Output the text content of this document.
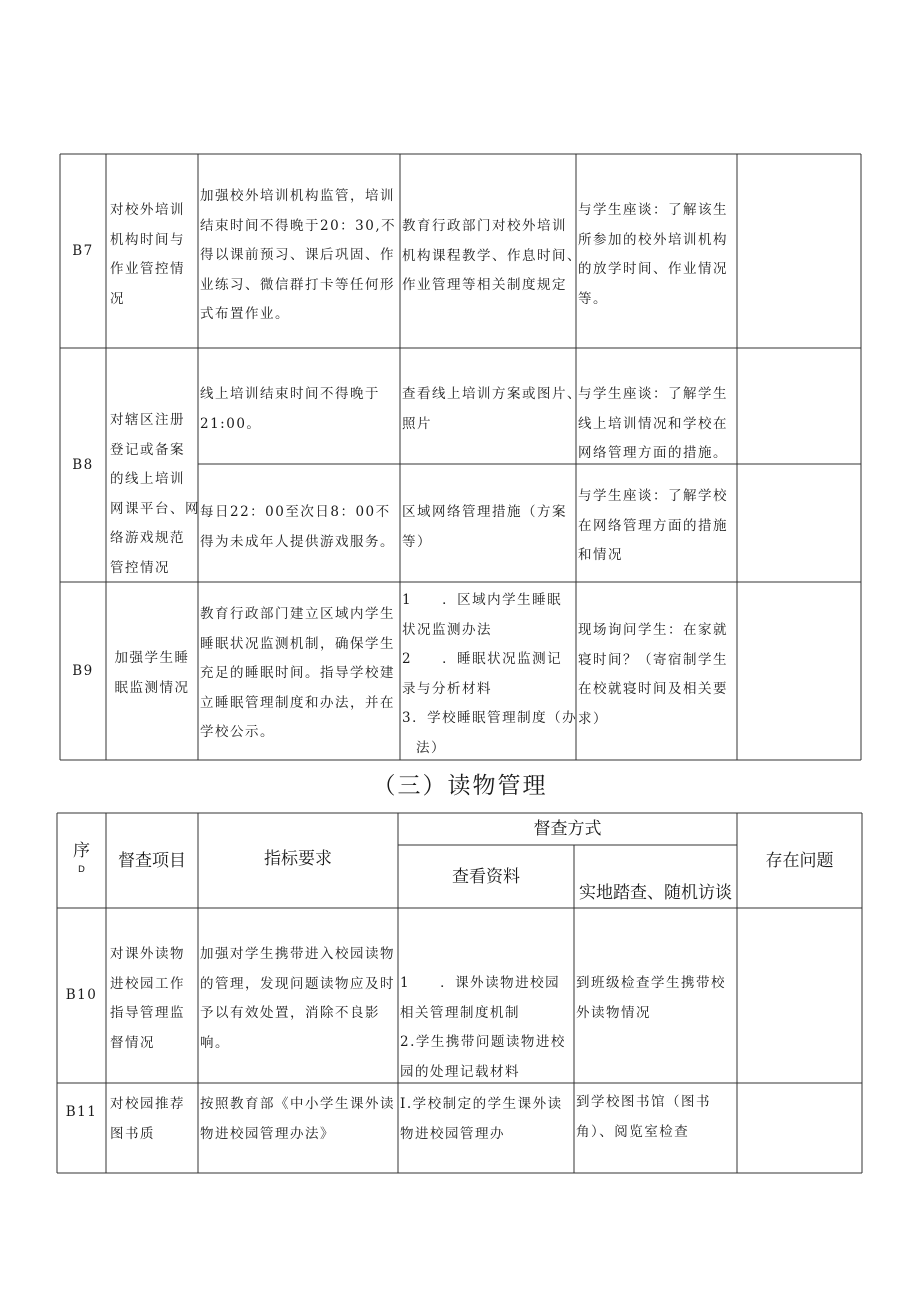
B7
对校外培训
机构时间与
作业管控情
况
加强校外培训机构监管，培训
结束时间不得晚于20：30,不
得以课前预习、课后巩固、作
业练习、微信群打卡等任何形
式布置作业。
教育行政部门对校外培训
机构课程教学、作息时间、
作业管理等相关制度规定
与学生座谈：了解该生
所参加的校外培训机构
的放学时间、作业情况
等。
B8
对辖区注册
登记或备案
的线上培训
网课平台、网
络游戏规范
管控情况
线上培训结束时间不得晚于
21:00。
查看线上培训方案或图片、
照片
与学生座谈：了解学生
线上培训情况和学校在
网络管理方面的措施。
每日22：00至次日8：00不
得为未成年人提供游戏服务。
区域网络管理措施（方案
等）
与学生座谈：了解学校
在网络管理方面的措施
和情况
B9
加强学生睡
眠监测情况
教育行政部门建立区域内学生
睡眠状况监测机制，确保学生
充足的睡眠时间。指导学校建
立睡眠管理制度和办法，并在
学校公示。
1　　．区域内学生睡眠
状况监测办法
2　　．睡眠状况监测记
录与分析材料
3．学校睡眠管理制度（办
法）
现场询问学生：在家就
寝时间？（寄宿制学生
在校就寝时间及相关要
求）
（三）读物管理
序
D	督查项目	指标要求
督查方式
查看资料
实地踏查、随机访谈
存在问题
B10
对课外读物
进校园工作
指导管理监
督情况
加强对学生携带进入校园读物
的管理，发现问题读物应及时
予以有效处置，消除不良影
响。
1　　．课外读物进校园
相关管理制度机制
2.学生携带问题读物进校
园的处理记载材料
到班级检查学生携带校
外读物情况
B11 对校园推荐
图书质
按照教育部《中小学生课外读
物进校园管理办法》
I.学校制定的学生课外读
物进校园管理办
到学校图书馆（图书
角）、阅览室检查
